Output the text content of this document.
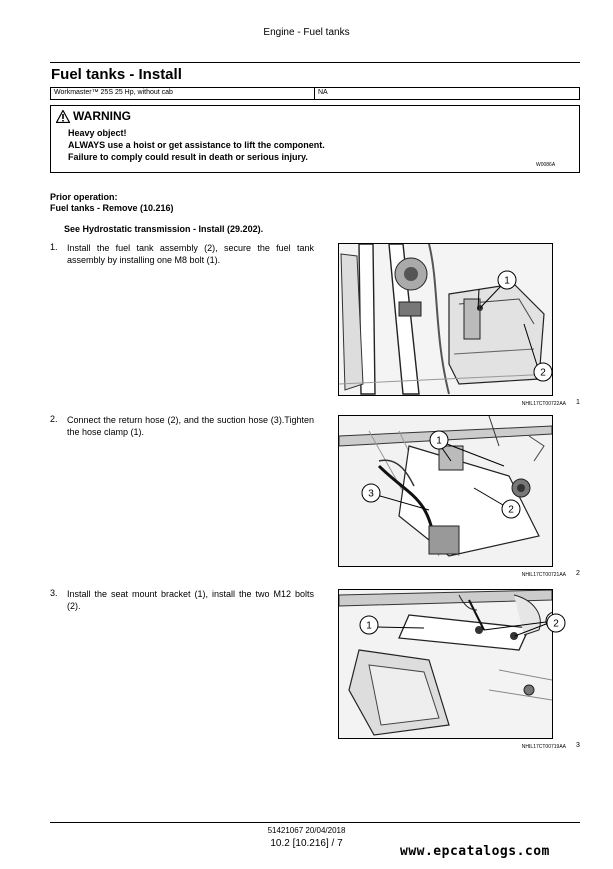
Engine - Fuel tanks
Fuel tanks - Install
Workmaster™ 25S 25 Hp, without cab	NA
WARNING
Heavy object!
ALWAYS use a hoist or get assistance to lift the component.
Failure to comply could result in death or serious injury.
W0086A
Prior operation:
Fuel tanks - Remove (10.216)
See Hydrostatic transmission - Install (29.202).
1. Install the fuel tank assembly (2), secure the fuel tank assembly by installing one M8 bolt (1).
1
2
NHIL17CT00722AA 1
2. Connect the return hose (2), and the suction hose (3).Tighten the hose clamp (1).
1
2
3
NHIL17CT00721AA 2
3. Install the seat mount bracket (1), install the two M12 bolts (2).
1	2
NHIL17CT00719AA 3
51421067 20/04/2018
10.2 [10.216] / 7
www.epcatalogs.com
